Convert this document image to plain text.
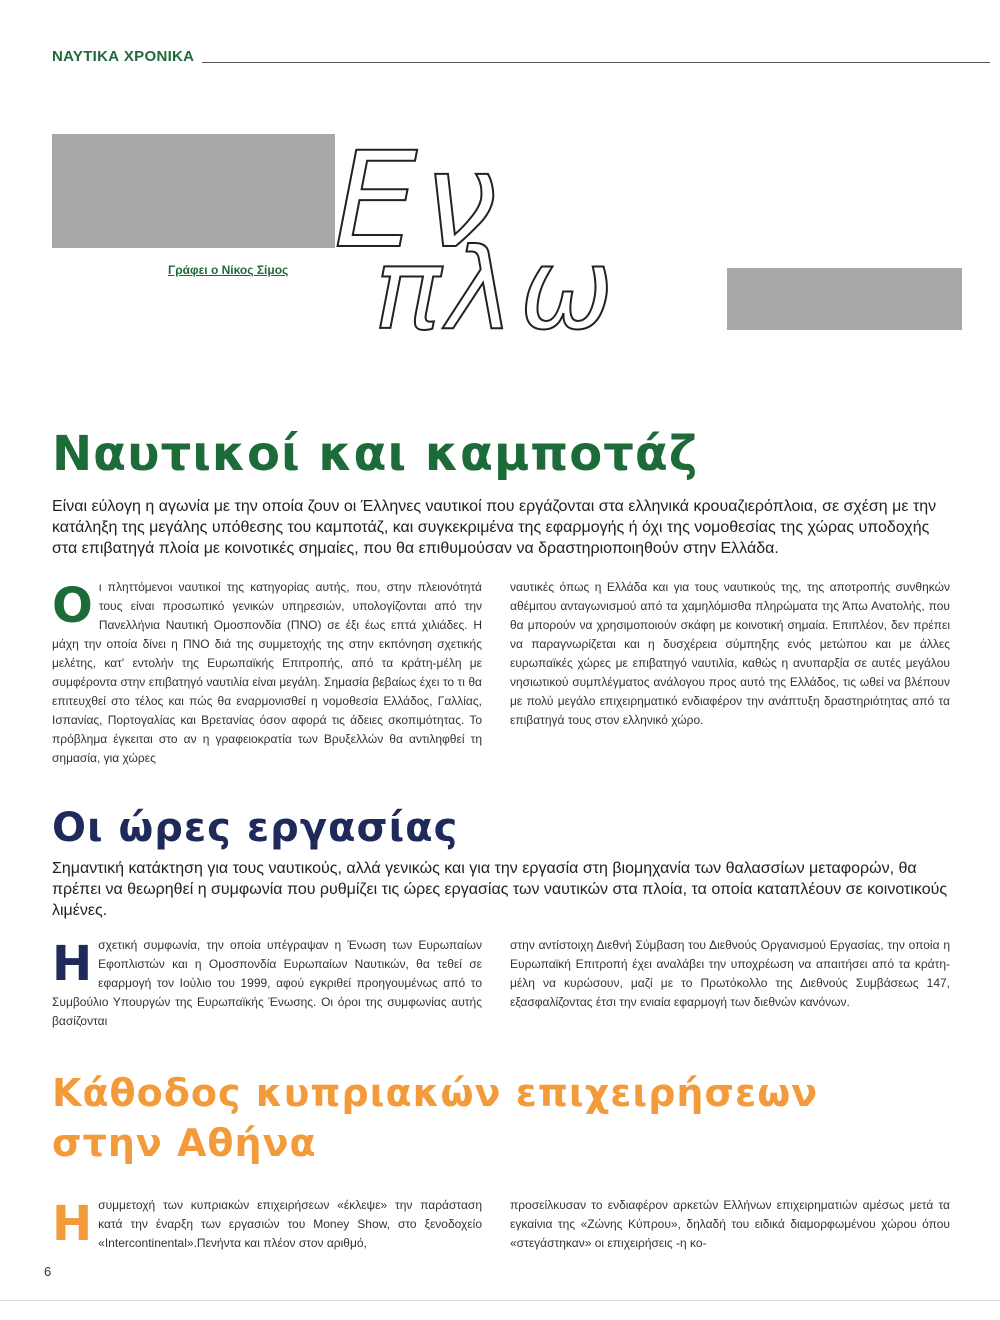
ΝΑΥΤΙΚΑ ΧΡΟΝΙΚΑ
Εν
πλω
Γράφει ο Νίκος Σίμος
Ναυτικοί και καμποτάζ

Είναι εύλογη η αγωνία με την οποία ζουν οι Έλληνες ναυτικοί που εργάζονται στα ελληνικά κρουαζιερόπλοια, σε σχέση με την κατάληξη της μεγάλης υπόθεσης του καμποτάζ, και συγκεκριμένα της εφαρμογής ή όχι της νομοθεσίας της χώρας υποδοχής στα επιβατηγά πλοία με κοινοτικές σημαίες, που θα επιθυμούσαν να δραστηριοποιηθούν στην Ελλάδα.

Ο ι πληττόμενοι ναυτικοί της κατηγορίας αυτής, που, στην πλειονότητά τους είναι προσωπικό γενικών υπηρεσιών, υπολογίζονται από την Πανελλήνια Ναυτική Ομοσπονδία (ΠΝΟ) σε έξι έως επτά χιλιάδες. Η μάχη την οποία δίνει η ΠΝΟ διά της συμμετοχής της στην εκπόνηση σχετικής μελέτης, κατ' εντολήν της Ευρωπαϊκής Επιτροπής, από τα κράτη-μέλη με συμφέροντα στην επιβατηγό ναυτιλία είναι μεγάλη. Σημασία βεβαίως έχει το τι θα επιτευχθεί στο τέλος και πώς θα εναρμονισθεί η νομοθεσία Ελλάδος, Γαλλίας, Ισπανίας, Πορτογαλίας και Βρετανίας όσον αφορά τις άδειες σκοπιμότητας. Το πρόβλημα έγκειται στο αν η γραφειοκρατία των Βρυξελλών θα αντιληφθεί τη σημασία, για χώρες
ναυτικές όπως η Ελλάδα και για τους ναυτικούς της, της αποτροπής συνθηκών αθέμιτου ανταγωνισμού από τα χαμηλόμισθα πληρώματα της Άπω Ανατολής, που θα μπορούν να χρησιμοποιούν σκάφη με κοινοτική σημαία. Επιπλέον, δεν πρέπει να παραγνωρίζεται και η δυσχέρεια σύμπηξης ενός μετώπου και με άλλες ευρωπαϊκές χώρες με επιβατηγό ναυτιλία, καθώς η ανυπαρξία σε αυτές μεγάλου νησιωτικού συμπλέγματος ανάλογου προς αυτό της Ελλάδος, τις ωθεί να βλέπουν με πολύ μεγάλο επιχειρηματικό ενδιαφέρον την ανάπτυξη δραστηριότητας από τα επιβατηγά τους στον ελληνικό χώρο.
Οι ώρες εργασίας

Σημαντική κατάκτηση για τους ναυτικούς, αλλά γενικώς και για την εργασία στη βιομηχανία των θαλασσίων μεταφορών, θα πρέπει να θεωρηθεί η συμφωνία που ρυθμίζει τις ώρες εργασίας των ναυτικών στα πλοία, τα οποία καταπλέουν σε κοινοτικούς λιμένες.

Η σχετική συμφωνία, την οποία υπέγραψαν η Ένωση των Ευρωπαίων Εφοπλιστών και η Ομοσπονδία Ευρωπαίων Ναυτικών, θα τεθεί σε εφαρμογή τον Ιούλιο του 1999, αφού εγκριθεί προηγουμένως από το Συμβούλιο Υπουργών της Ευρωπαϊκής Ένωσης. Οι όροι της συμφωνίας αυτής βασίζονται
στην αντίστοιχη Διεθνή Σύμβαση του Διεθνούς Οργανισμού Εργασίας, την οποία η Ευρωπαϊκή Επιτροπή έχει αναλάβει την υποχρέωση να απαιτήσει από τα κράτη-μέλη να κυρώσουν, μαζί με το Πρωτόκολλο της Διεθνούς Συμβάσεως 147, εξασφαλίζοντας έτσι την ενιαία εφαρμογή των διεθνών κανόνων.
Κάθοδος κυπριακών επιχειρήσεων
στην Αθήνα
Η συμμετοχή των κυπριακών επιχειρήσεων «έκλεψε» την παράσταση κατά την έναρξη των εργασιών του Money Show, στο ξενοδοχείο «Intercontinental».Πενήντα και πλέον στον αριθμό,
προσείλκυσαν το ενδιαφέρον αρκετών Ελλήνων επιχειρηματιών αμέσως μετά τα εγκαίνια της «Ζώνης Κύπρου», δηλαδή του ειδικά διαμορφωμένου χώρου όπου «στεγάστηκαν» οι επιχειρήσεις -η κο-
6
